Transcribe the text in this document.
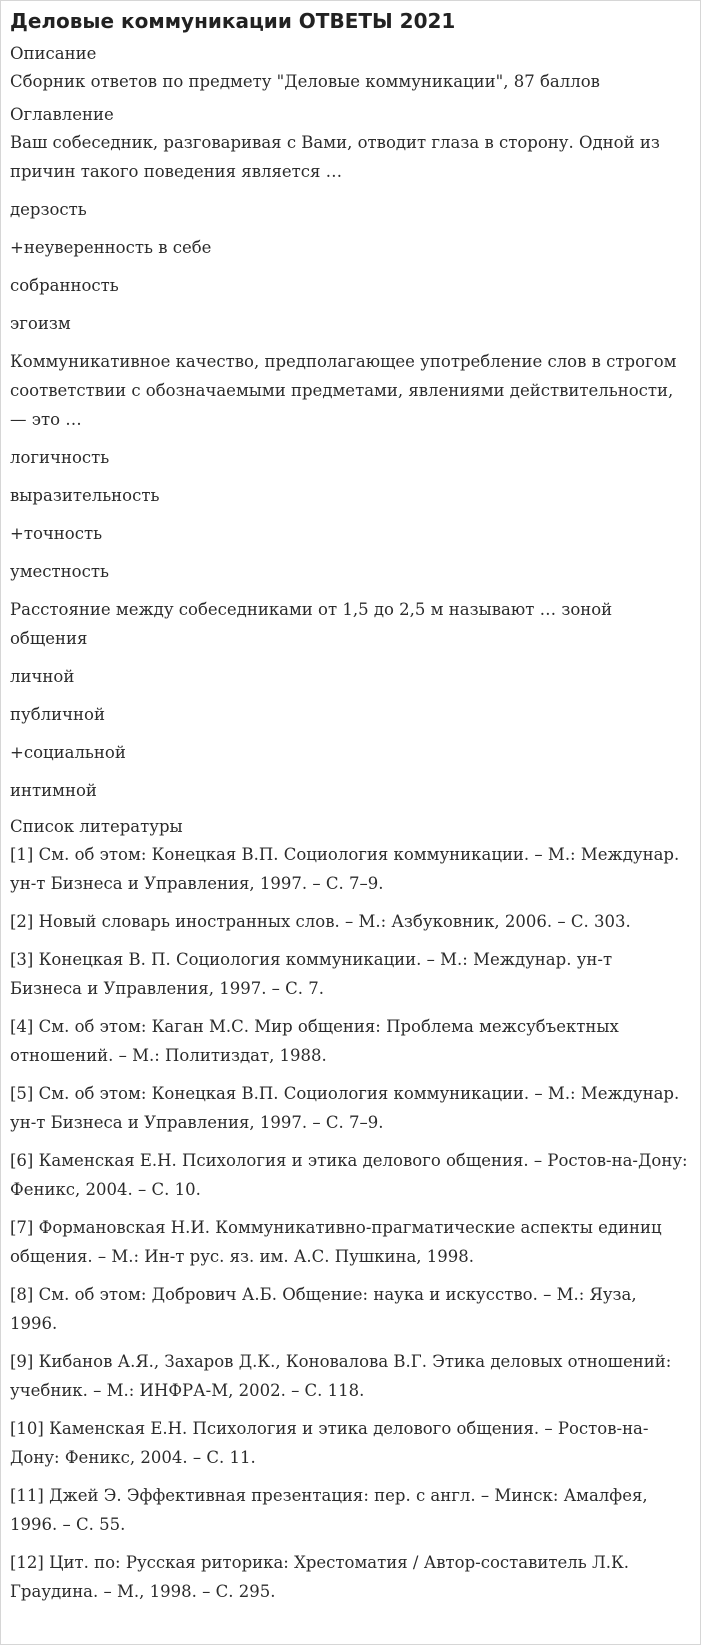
Деловые коммуникации ОТВЕТЫ 2021
Описание
Сборник ответов по предмету "Деловые коммуникации", 87 баллов
Оглавление
Ваш собеседник, разговаривая с Вами, отводит глаза в сторону. Одной из причин такого поведения является …
дерзость
+неуверенность в себе
собранность
эгоизм
Коммуникативное качество, предполагающее употребление слов в строгом соответствии с обозначаемыми предметами, явлениями действительности, — это …
логичность
выразительность
+точность
уместность
Расстояние между собеседниками от 1,5 до 2,5 м называют … зоной общения
личной
публичной
+социальной
интимной
Список литературы
[1] См. об этом: Конецкая В.П. Социология коммуникации. – М.: Междунар. ун-т Бизнеса и Управления, 1997. – С. 7–9.
[2] Новый словарь иностранных слов. – М.: Азбуковник, 2006. – С. 303.
[3] Конецкая В. П. Социология коммуникации. – М.: Междунар. ун-т Бизнеса и Управления, 1997. – С. 7.
[4] См. об этом: Каган М.С. Мир общения: Проблема межсубъектных отношений. – М.: Политиздат, 1988.
[5] См. об этом: Конецкая В.П. Социология коммуникации. – М.: Междунар. ун-т Бизнеса и Управления, 1997. – С. 7–9.
[6] Каменская Е.Н. Психология и этика делового общения. – Ростов-на-Дону: Феникс, 2004. – С. 10.
[7] Формановская Н.И. Коммуникативно-прагматические аспекты единиц общения. – М.: Ин-т рус. яз. им. А.С. Пушкина, 1998.
[8] См. об этом: Добрович А.Б. Общение: наука и искусство. – М.: Яуза, 1996.
[9] Кибанов А.Я., Захаров Д.К., Коновалова В.Г. Этика деловых отношений: учебник. – М.: ИНФРА-М, 2002. – С. 118.
[10] Каменская Е.Н. Психология и этика делового общения. – Ростов-на-Дону: Феникс, 2004. – С. 11.
[11] Джей Э. Эффективная презентация: пер. с англ. – Минск: Амалфея, 1996. – С. 55.
[12] Цит. по: Русская риторика: Хрестоматия / Автор-составитель Л.К. Граудина. – М., 1998. – С. 295.
